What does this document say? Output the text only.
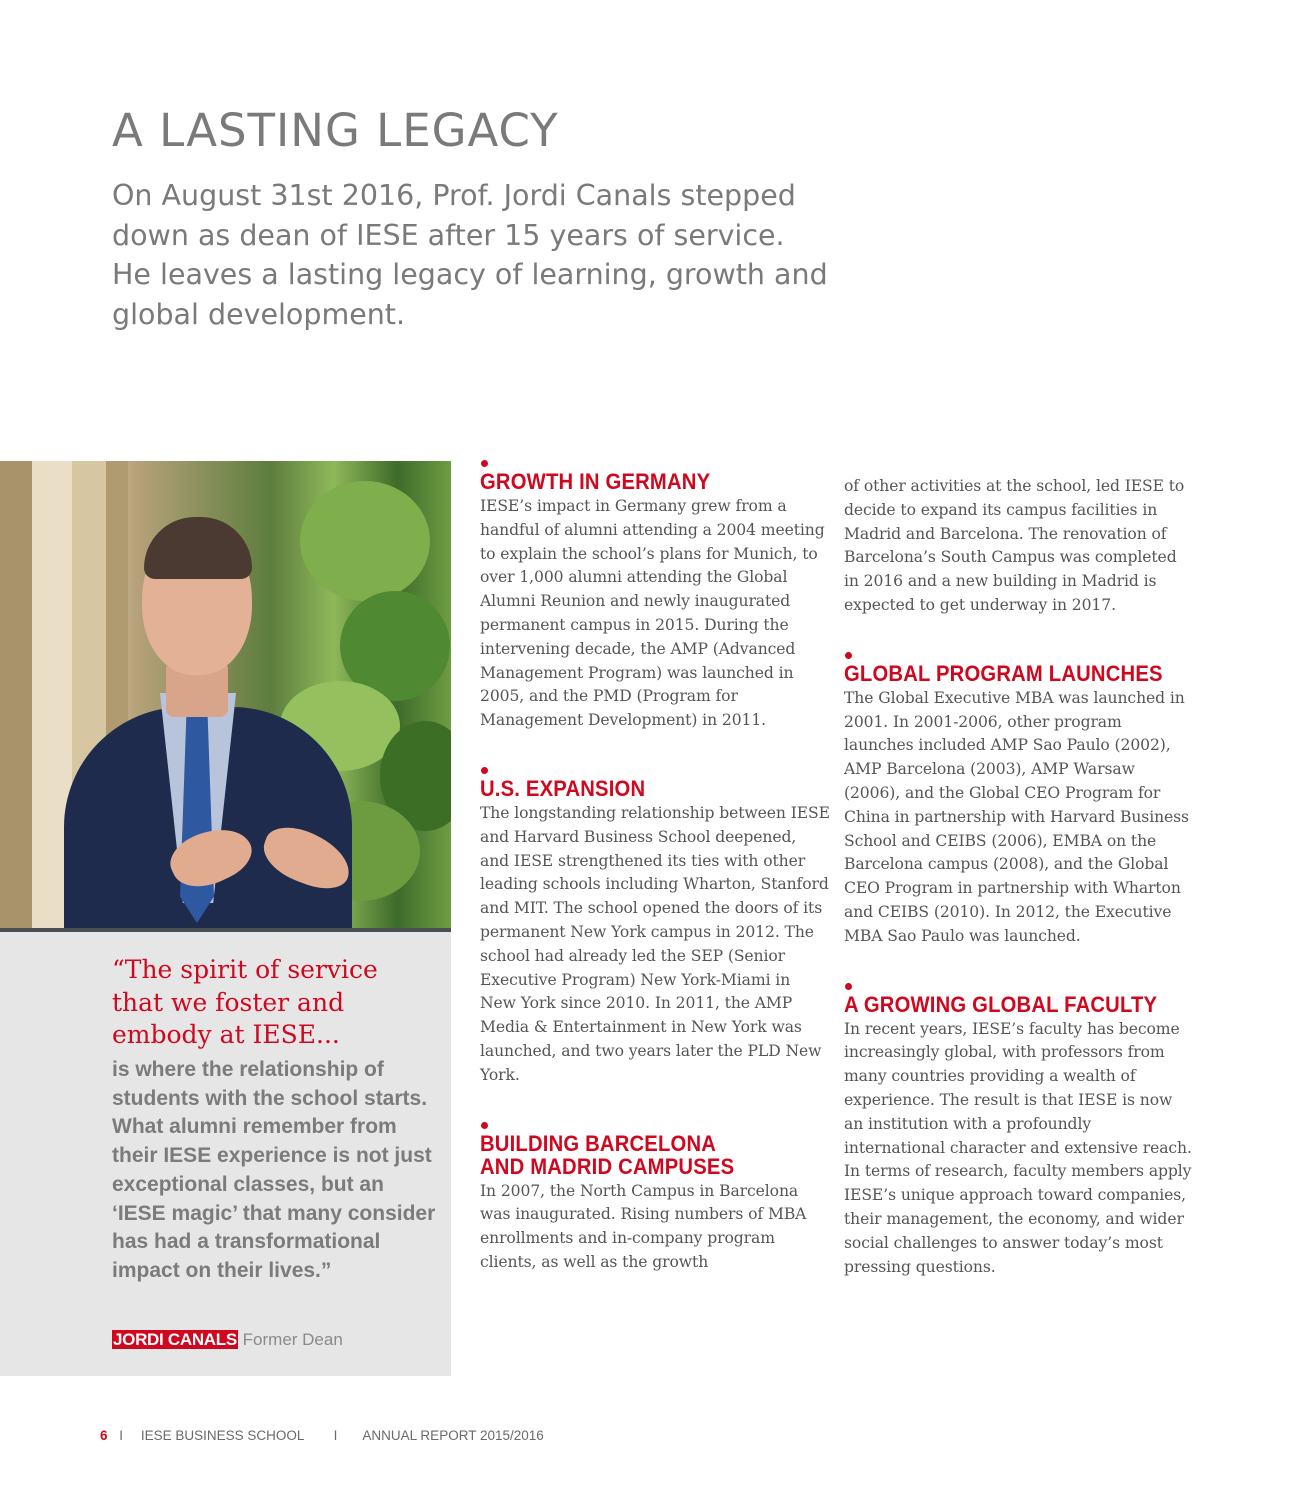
A LASTING LEGACY

On August 31st 2016, Prof. Jordi Canals stepped down as dean of IESE after 15 years of service. He leaves a lasting legacy of learning, growth and global development.

“The spirit of service that we foster and embody at IESE...

is where the relationship of students with the school starts. What alumni remember from their IESE experience is not just exceptional classes, but an ‘IESE magic’ that many consider has had a transformational impact on their lives.”

JORDI CANALS Former Dean

GROWTH IN GERMANY

IESE’s impact in Germany grew from a handful of alumni attending a 2004 meeting to explain the school’s plans for Munich, to over 1,000 alumni attending the Global Alumni Reunion and newly inaugurated permanent campus in 2015. During the intervening decade, the AMP (Advanced Management Program) was launched in 2005, and the PMD (Program for Management Development) in 2011.

U.S. EXPANSION

The longstanding relationship between IESE and Harvard Business School deepened, and IESE strengthened its ties with other leading schools including Wharton, Stanford and MIT. The school opened the doors of its permanent New York campus in 2012. The school had already led the SEP (Senior Executive Program) New York-Miami in New York since 2010. In 2011, the AMP Media & Entertainment in New York was launched, and two years later the PLD New York.

BUILDING BARCELONA AND MADRID CAMPUSES

In 2007, the North Campus in Barcelona was inaugurated. Rising numbers of MBA enrollments and in-company program clients, as well as the growth

of other activities at the school, led IESE to decide to expand its campus facilities in Madrid and Barcelona. The renovation of Barcelona’s South Campus was completed in 2016 and a new building in Madrid is expected to get underway in 2017.

GLOBAL PROGRAM LAUNCHES

The Global Executive MBA was launched in 2001. In 2001-2006, other program launches included AMP Sao Paulo (2002), AMP Barcelona (2003), AMP Warsaw (2006), and the Global CEO Program for China in partnership with Harvard Business School and CEIBS (2006), EMBA on the Barcelona campus (2008), and the Global CEO Program in partnership with Wharton and CEIBS (2010). In 2012, the Executive MBA Sao Paulo was launched.

A GROWING GLOBAL FACULTY

In recent years, IESE’s faculty has become increasingly global, with professors from many countries providing a wealth of experience. The result is that IESE is now an institution with a profoundly international character and extensive reach. In terms of research, faculty members apply IESE’s unique approach toward companies, their management, the economy, and wider social challenges to answer today’s most pressing questions.

6 I IESE BUSINESS SCHOOL I ANNUAL REPORT 2015/2016
